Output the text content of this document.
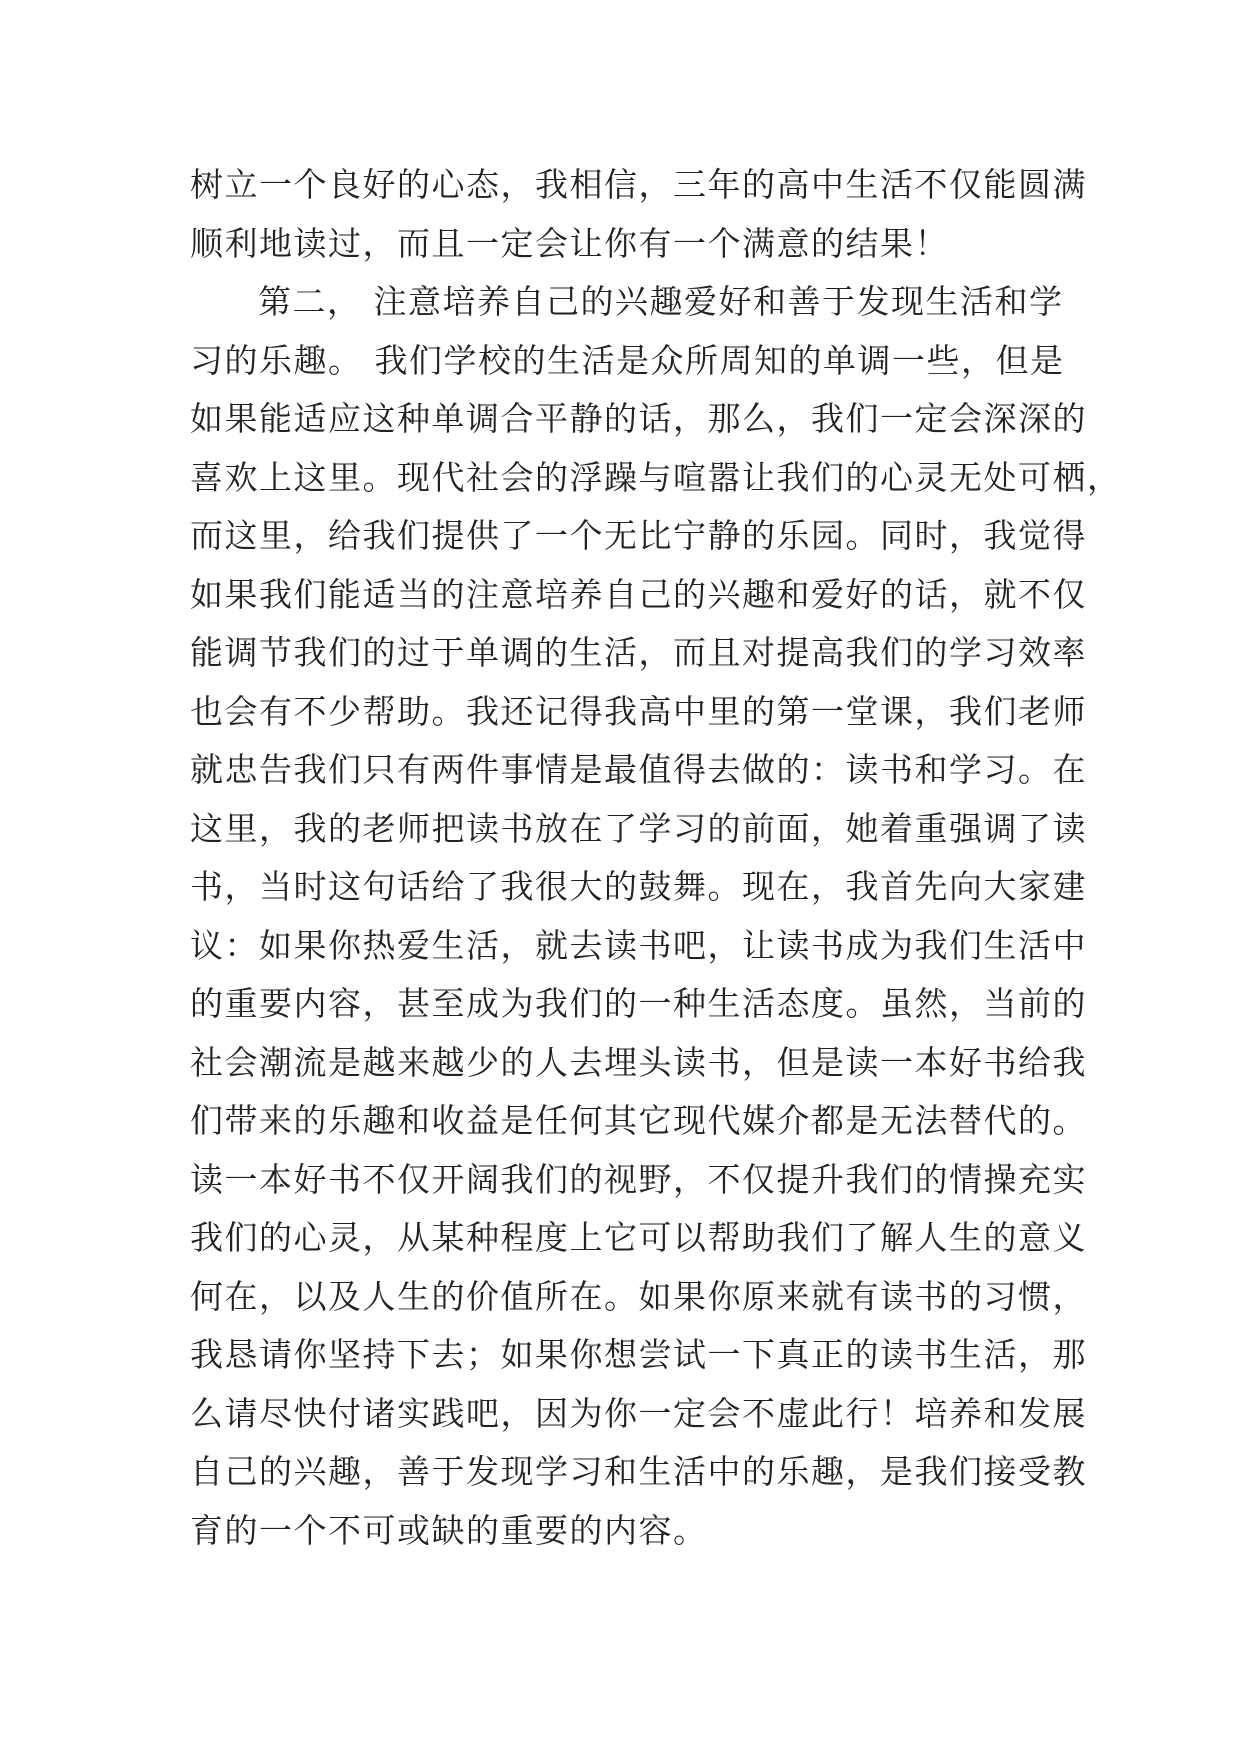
树立一个良好的心态，我相信，三年的高中生活不仅能圆满
顺利地读过，而且一定会让你有一个满意的结果！
第二， 注意培养自己的兴趣爱好和善于发现生活和学
习的乐趣。 我们学校的生活是众所周知的单调一些，但是
如果能适应这种单调合平静的话，那么，我们一定会深深的
喜欢上这里。现代社会的浮躁与喧嚣让我们的心灵无处可栖，
而这里，给我们提供了一个无比宁静的乐园。同时，我觉得
如果我们能适当的注意培养自己的兴趣和爱好的话，就不仅
能调节我们的过于单调的生活，而且对提高我们的学习效率
也会有不少帮助。我还记得我高中里的第一堂课，我们老师
就忠告我们只有两件事情是最值得去做的：读书和学习。在
这里，我的老师把读书放在了学习的前面，她着重强调了读
书，当时这句话给了我很大的鼓舞。现在，我首先向大家建
议：如果你热爱生活，就去读书吧，让读书成为我们生活中
的重要内容，甚至成为我们的一种生活态度。虽然，当前的
社会潮流是越来越少的人去埋头读书，但是读一本好书给我
们带来的乐趣和收益是任何其它现代媒介都是无法替代的。
读一本好书不仅开阔我们的视野，不仅提升我们的情操充实
我们的心灵，从某种程度上它可以帮助我们了解人生的意义
何在，以及人生的价值所在。如果你原来就有读书的习惯，
我恳请你坚持下去；如果你想尝试一下真正的读书生活，那
么请尽快付诸实践吧，因为你一定会不虚此行！培养和发展
自己的兴趣，善于发现学习和生活中的乐趣，是我们接受教
育的一个不可或缺的重要的内容。
